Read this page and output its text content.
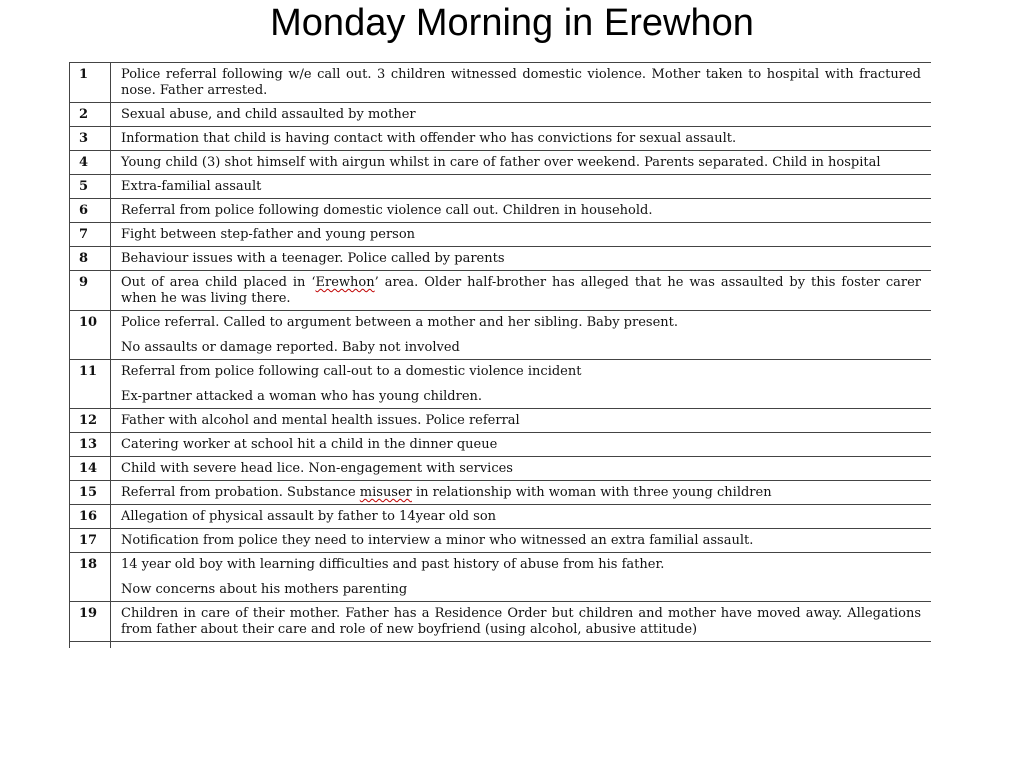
Monday Morning in Erewhon
1	Police referral following w/e call out. 3 children witnessed domestic violence. Mother taken to hospital with fractured nose. Father arrested.

2	Sexual abuse, and child assaulted by mother

3	Information that child is having contact with offender who has convictions for sexual assault.

4	Young child (3) shot himself with airgun whilst in care of father over weekend. Parents separated. Child in hospital

5	Extra-familial assault

6	Referral from police following domestic violence call out. Children in household.

7	Fight between step-father and young person

8	Behaviour issues with a teenager. Police called by parents

9	Out of area child placed in ‘Erewhon’ area. Older half-brother has alleged that he was assaulted by this foster carer when he was living there.

10	Police referral. Called to argument between a mother and her sibling. Baby present.

No assaults or damage reported. Baby not involved

11	Referral from police following call-out to a domestic violence incident

Ex-partner attacked a woman who has young children.

12	Father with alcohol and mental health issues. Police referral

13	Catering worker at school hit a child in the dinner queue

14	Child with severe head lice. Non-engagement with services

15	Referral from probation. Substance misuser in relationship with woman with three young children

16	Allegation of physical assault by father to 14year old son

17	Notification from police they need to interview a minor who witnessed an extra familial assault.

18	14 year old boy with learning difficulties and past history of abuse from his father.

Now concerns about his mothers parenting

19	Children in care of their mother. Father has a Residence Order but children and mother have moved away. Allegations from father about their care and role of new boyfriend (using alcohol, abusive attitude)
